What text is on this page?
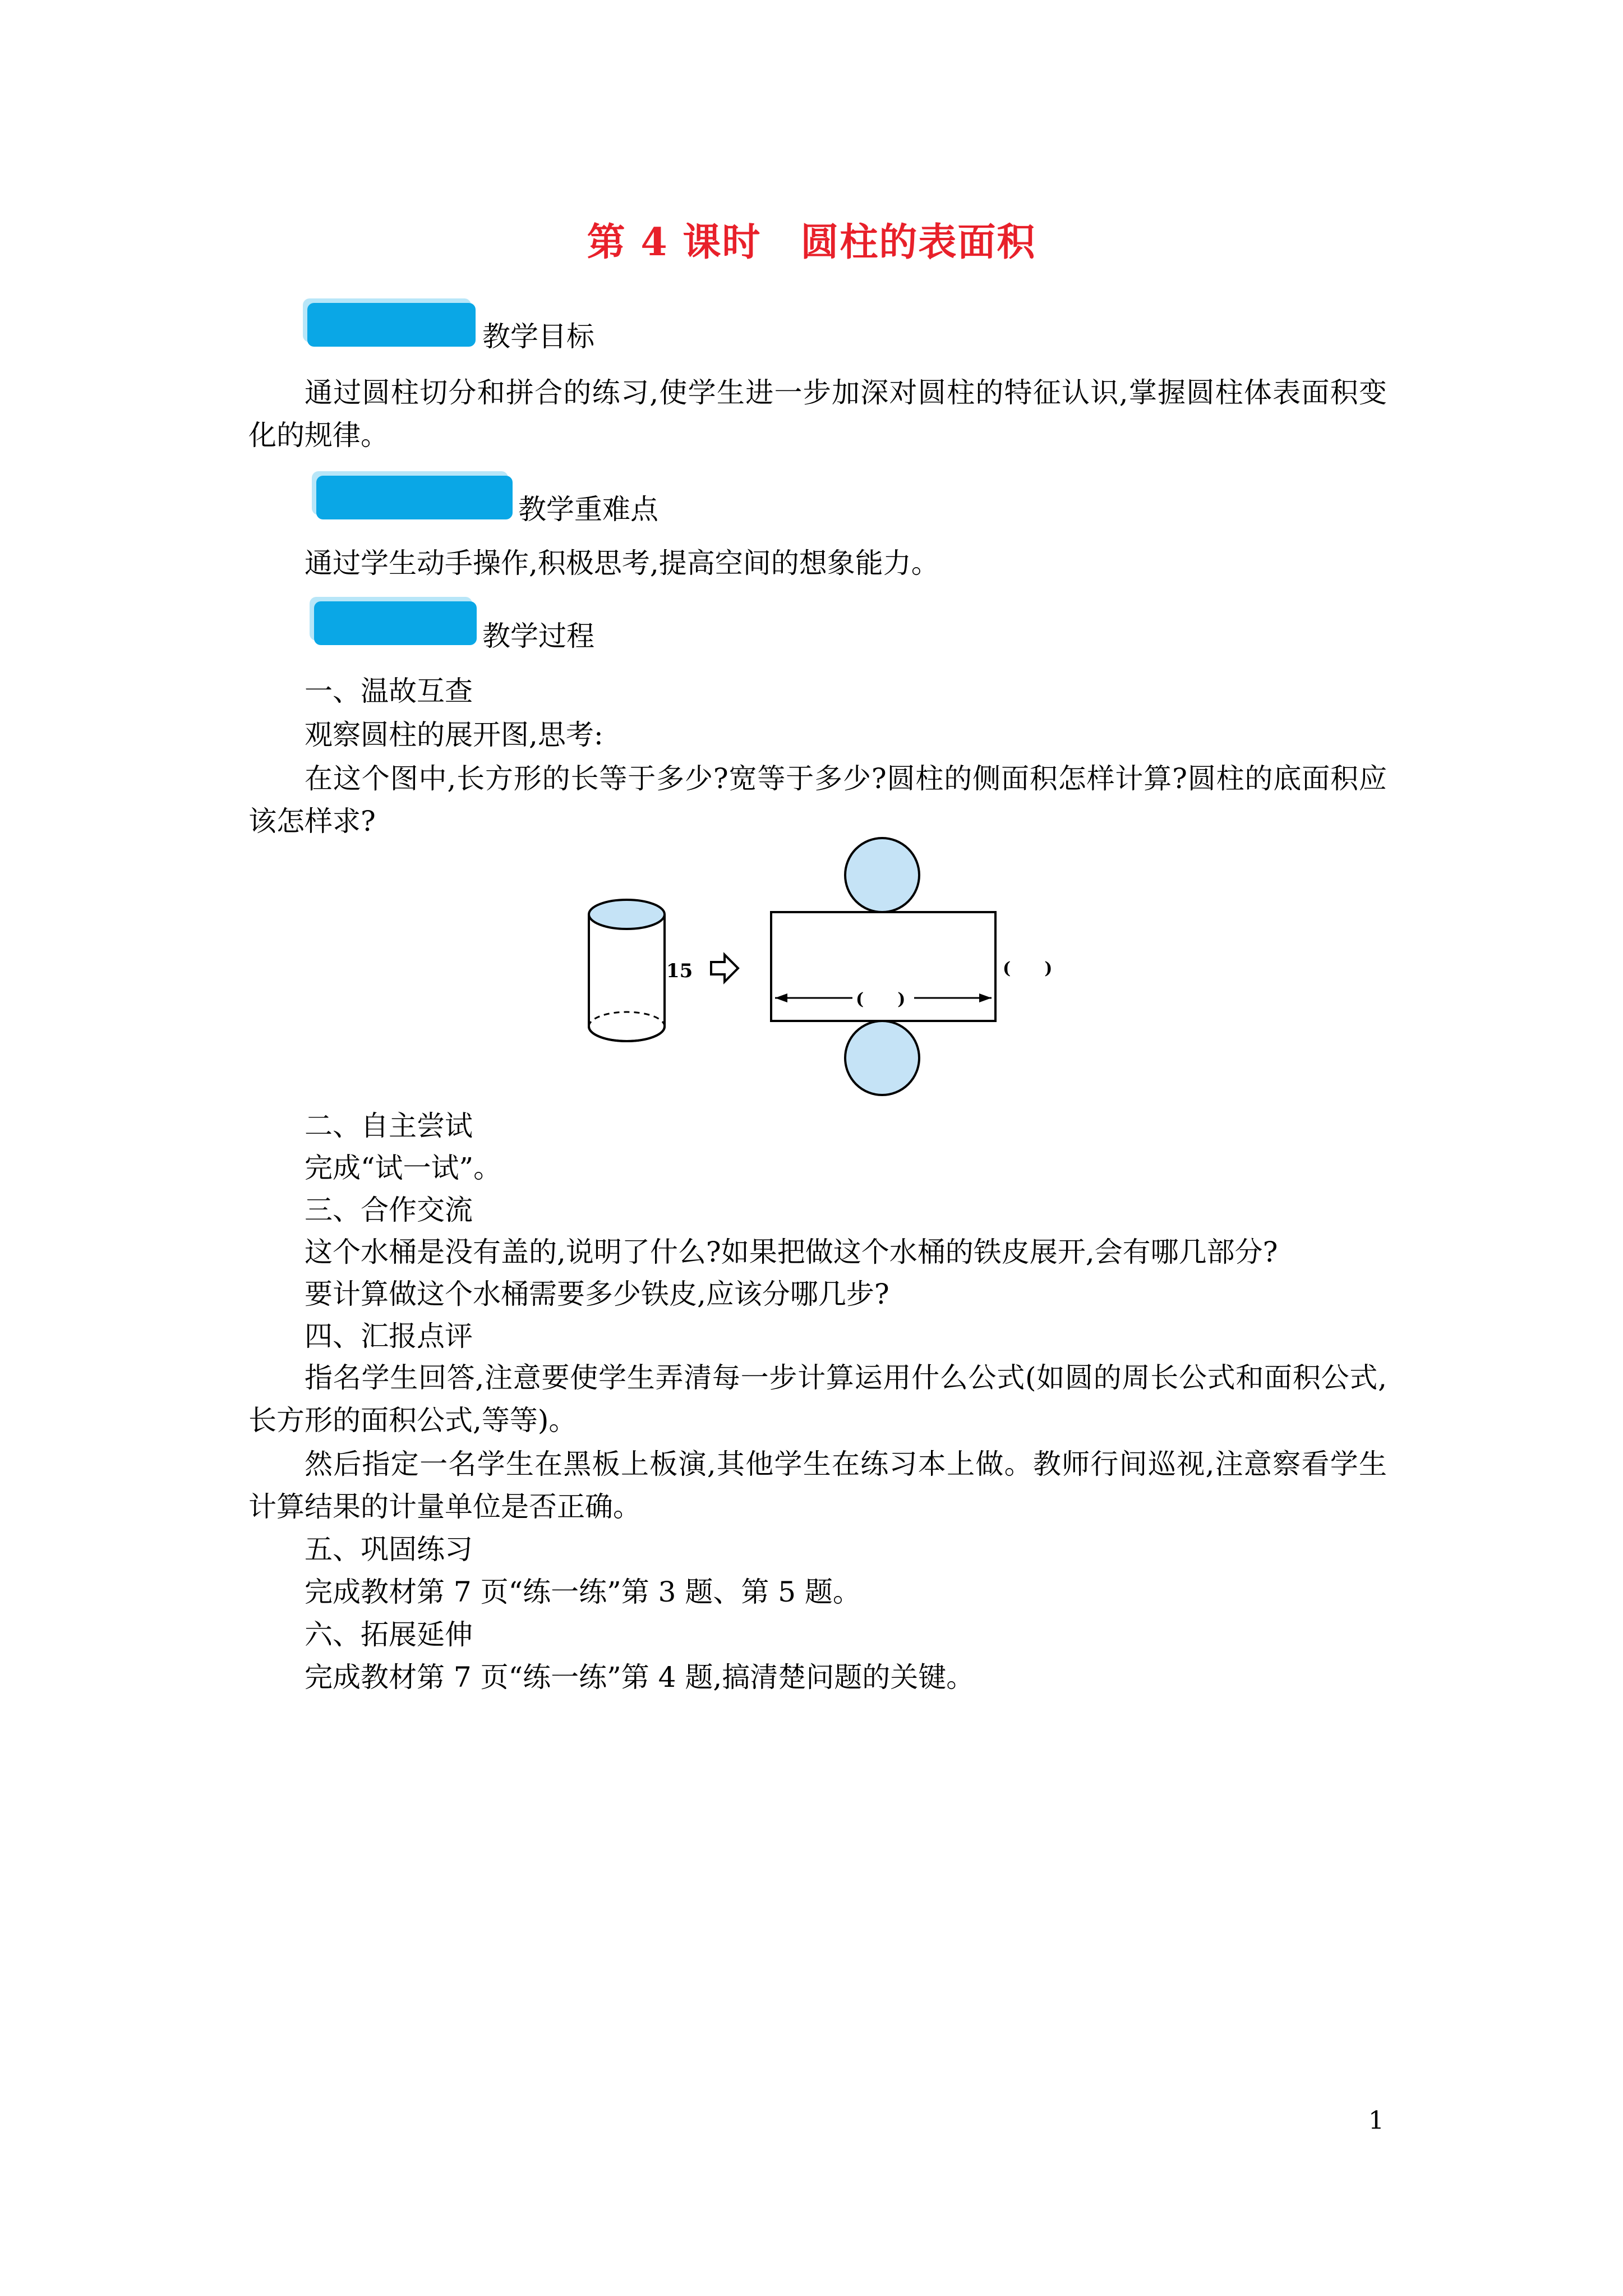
第 4 课时　圆柱的表面积
教学目标
通过圆柱切分和拼合的练习,使学生进一步加深对圆柱的特征认识,掌握圆柱体表面积变化的规律。
教学重难点
通过学生动手操作,积极思考,提高空间的想象能力。
教学过程
一、温故互查
观察圆柱的展开图,思考:
在这个图中,长方形的长等于多少?宽等于多少?圆柱的侧面积怎样计算?圆柱的底面积应该怎样求?
15
(　　)
(　　)
二、自主尝试
完成“试一试”。
三、合作交流
这个水桶是没有盖的,说明了什么?如果把做这个水桶的铁皮展开,会有哪几部分?
要计算做这个水桶需要多少铁皮,应该分哪几步?
四、汇报点评
指名学生回答,注意要使学生弄清每一步计算运用什么公式(如圆的周长公式和面积公式,长方形的面积公式,等等)。
然后指定一名学生在黑板上板演,其他学生在练习本上做。教师行间巡视,注意察看学生计算结果的计量单位是否正确。
五、巩固练习
完成教材第 7 页“练一练”第 3 题、第 5 题。
六、拓展延伸
完成教材第 7 页“练一练”第 4 题,搞清楚问题的关键。
1
